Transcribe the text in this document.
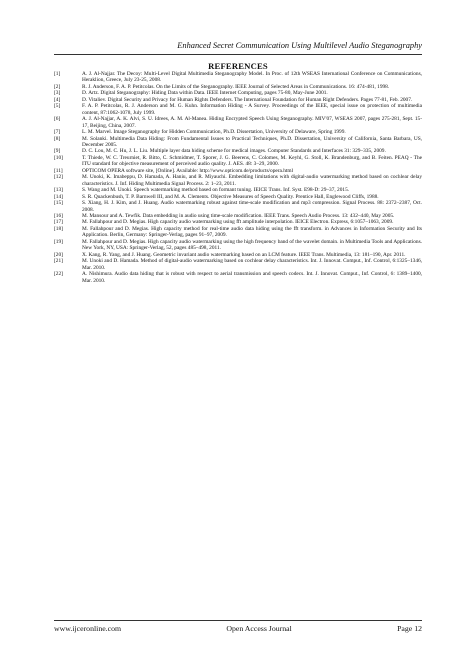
Enhanced Secret Communication Using Multilevel Audio Steganography
REFERENCES
[1]	A. J. Al-Najjar. The Decoy: Multi-Level Digital Multimedia Steganography Model. In Proc. of 12th WSEAS International Conference on Communications, Heraklion, Greece, July 23-25, 2008.
[2]	R. J. Anderson, F. A. P. Petitcolas. On the Limits of the Steganography. IEEE Journal of Selected Areas in Communications. 16: 474-481, 1998.
[3]	D. Artz. Digital Steganography: Hiding Data within Data. IEEE Internet Computing, pages 75-80, May-June 2001.
[4]	D. Vitaliev. Digital Security and Privacy for Human Rights Defenders. The International Foundation for Human Right Defenders. Pages 77-81, Feb. 2007.
[5]	F. A. P. Petitcolas, R. J. Anderson and M. G. Kuhn. Information Hiding - A Survey. Proceedings of the IEEE, special issue on protection of multimedia content, 87:1062-1078, July 1999.
[6]	A. J. Al-Najjar, A. K. Alvi, S. U. Idrees, A. M. Al-Manea. Hiding Encrypted Speech Using Steganography. MIV'07, WSEAS 2007, pages 275-281, Sept. 15-17, Beijing, China, 2007.
[7]	L. M. Marvel. Image Steganography for Hidden Communication, Ph.D. Dissertation, University of Delaware, Spring 1999.
[8]	M. Solanki. Multimedia Data Hiding: From Fundamental Issues to Practical Techniques, Ph.D. Dissertation, University of California, Santa Barbara, US, December 2005.
[9]	D. C. Lou, M. C. Hu, J. L. Liu. Multiple layer data hiding scheme for medical images. Computer Standards and Interfaces 31: 329–335, 2009.
[10]	T. Thiede, W. C. Treurniet, R. Bitto, C. Schmidmer, T. Sporer, J. G. Beerens, C. Colomes, M. Keyhl, G. Stoll, K. Brandenburg, and B. Feiten. PEAQ - The ITU standard for objective measurement of perceived audio quality. J. AES. 48: 3–29, 2000.
[11]	OPTICOM OPERA software site, [Online]. Available: http://www.opticom.de/products/opera.html
[12]	M. Unoki, K. Imabeppu, D. Hamada, A. Haniu, and R. Miyauchi. Embedding limitations with digital-audio watermarking method based on cochlear delay characteristics. J. Inf. Hiding Multimedia Signal Process. 2: 1–23, 2011.
[13]	S. Wang and M. Unoki. Speech watermarking method based on formant tuning. IEICE Trans. Inf. Syst. E98-D: 29–37, 2015.
[14]	S. R. Quackenbush, T. P. Barnwell III, and M. A. Clements. Objective Measures of Speech Quality. Prentice Hall, Englewood Cliffs, 1988.
[15]	S. Xiang, H. J. Kim, and J. Huang. Audio watermarking robust against time-scale modification and mp3 compression. Signal Process. 88: 2372–2387, Oct. 2008.
[16]	M. Mansour and A. Tewfik. Data embedding in audio using time-scale modification. IEEE Trans. Speech Audio Process. 13: 432–440, May 2005.
[17]	M. Fallahpour and D. Megias. High capacity audio watermarking using fft amplitude interpolation. IEICE Electron. Express, 6:1057–1063, 2009.
[18]	M. Fallahpour and D. Megias. High capacity method for real-time audio data hiding using the fft transform. in Advances in Information Security and Its Application. Berlin, Germany: Springer-Verlag, pages 91–97, 2009.
[19]	M. Fallahpour and D. Megias. High capacity audio watermarking using the high frequency band of the wavelet domain. in Multimedia Tools and Applications. New York, NY, USA: Springer-Verlag, 52, pages 485–498, 2011.
[20]	X. Kang, R. Yang, and J. Huang. Geometric invariant audio watermarking based on an LCM feature. IEEE Trans. Multimedia, 13: 181–190, Apr. 2011.
[21]	M. Unoki and D. Hamada. Method of digital-audio watermarking based on cochlear delay characteristics. Int. J. Innovat. Comput., Inf. Control, 6:1325–1346, Mar. 2010.
[22]	A. Nishimura. Audio data hiding that is robust with respect to aerial transmission and speech codecs. Int. J. Innovat. Comput., Inf. Control, 6: 1389–1400, Mar. 2010.
www.ijceronline.com	Open Access Journal	Page 12
